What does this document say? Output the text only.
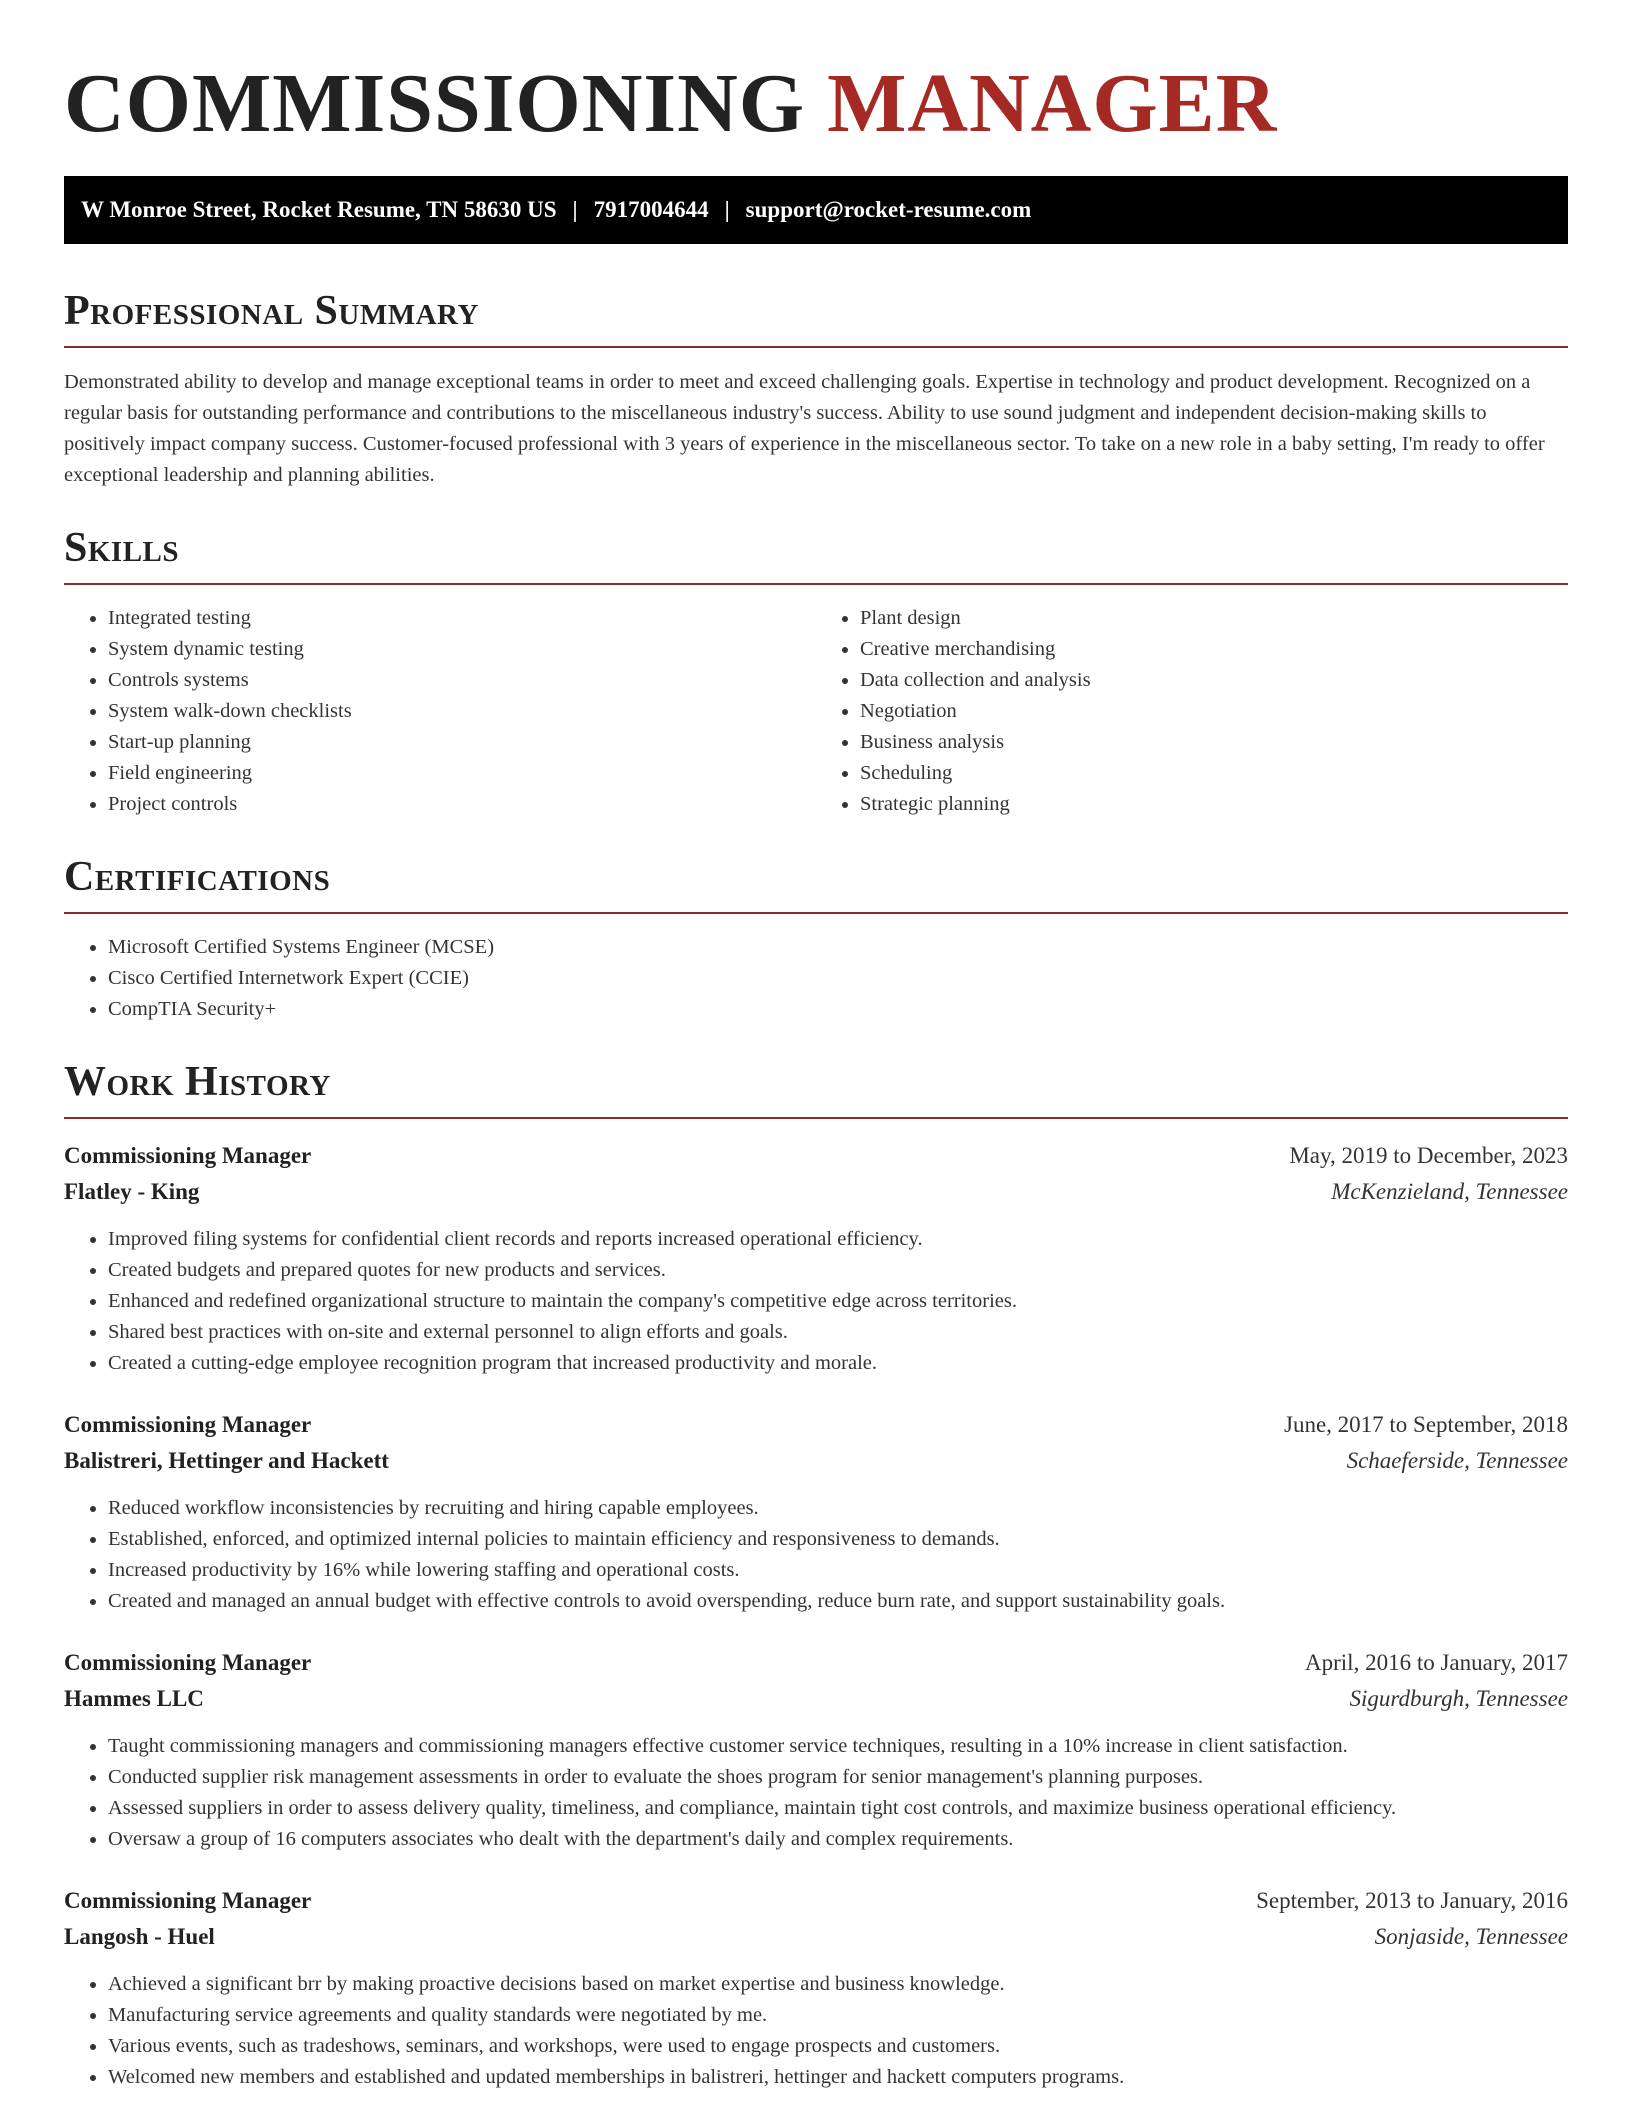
COMMISSIONING MANAGER
W Monroe Street, Rocket Resume, TN 58630 US | 7917004644 | support@rocket-resume.com
Professional Summary

Demonstrated ability to develop and manage exceptional teams in order to meet and exceed challenging goals. Expertise in technology and product development. Recognized on a regular basis for outstanding performance and contributions to the miscellaneous industry's success. Ability to use sound judgment and independent decision-making skills to positively impact company success. Customer-focused professional with 3 years of experience in the miscellaneous sector. To take on a new role in a baby setting, I'm ready to offer exceptional leadership and planning abilities.

Skills
• Integrated testing
• System dynamic testing
• Controls systems
• System walk-down checklists
• Start-up planning
• Field engineering
• Project controls
• Plant design
• Creative merchandising
• Data collection and analysis
• Negotiation
• Business analysis
• Scheduling
• Strategic planning
Certifications
• Microsoft Certified Systems Engineer (MCSE)
• Cisco Certified Internetwork Expert (CCIE)
• CompTIA Security+
Work History
Commissioning Manager	May, 2019 to December, 2023
Flatley - King	McKenzieland, Tennessee
• Improved filing systems for confidential client records and reports increased operational efficiency.
• Created budgets and prepared quotes for new products and services.
• Enhanced and redefined organizational structure to maintain the company's competitive edge across territories.
• Shared best practices with on-site and external personnel to align efforts and goals.
• Created a cutting-edge employee recognition program that increased productivity and morale.
Commissioning Manager	June, 2017 to September, 2018
Balistreri, Hettinger and Hackett	Schaeferside, Tennessee
• Reduced workflow inconsistencies by recruiting and hiring capable employees.
• Established, enforced, and optimized internal policies to maintain efficiency and responsiveness to demands.
• Increased productivity by 16% while lowering staffing and operational costs.
• Created and managed an annual budget with effective controls to avoid overspending, reduce burn rate, and support sustainability goals.
Commissioning Manager	April, 2016 to January, 2017
Hammes LLC	Sigurdburgh, Tennessee
• Taught commissioning managers and commissioning managers effective customer service techniques, resulting in a 10% increase in client satisfaction.
• Conducted supplier risk management assessments in order to evaluate the shoes program for senior management's planning purposes.
• Assessed suppliers in order to assess delivery quality, timeliness, and compliance, maintain tight cost controls, and maximize business operational efficiency.
• Oversaw a group of 16 computers associates who dealt with the department's daily and complex requirements.
Commissioning Manager	September, 2013 to January, 2016
Langosh - Huel	Sonjaside, Tennessee
• Achieved a significant brr by making proactive decisions based on market expertise and business knowledge.
• Manufacturing service agreements and quality standards were negotiated by me.
• Various events, such as tradeshows, seminars, and workshops, were used to engage prospects and customers.
• Welcomed new members and established and updated memberships in balistreri, hettinger and hackett computers programs.
